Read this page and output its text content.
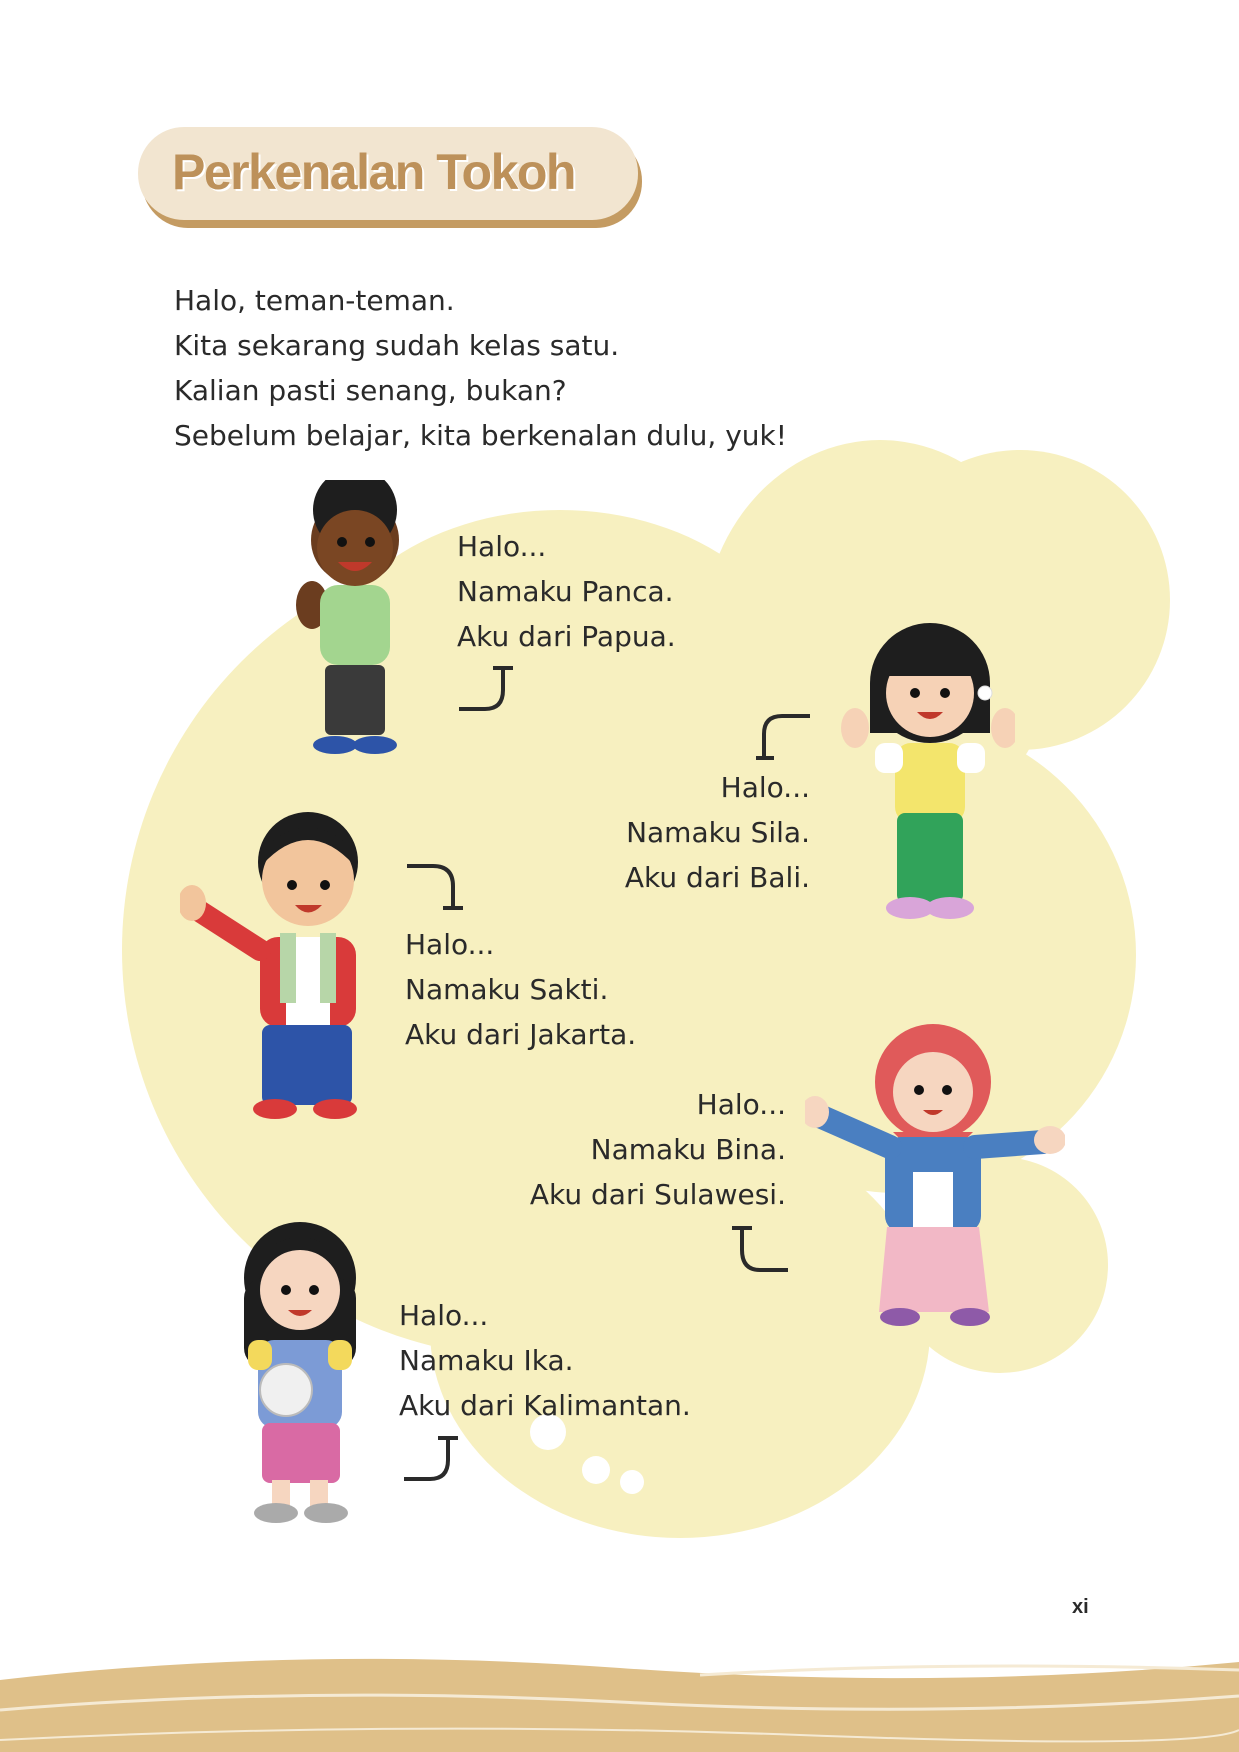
Perkenalan Tokoh
Halo, teman-teman.
Kita sekarang sudah kelas satu.
Kalian pasti senang, bukan?
Sebelum belajar, kita berkenalan dulu, yuk!
Halo...
Namaku Panca.
Aku dari Papua.
Halo...
Namaku Sila.
Aku dari Bali.
Halo...
Namaku Sakti.
Aku dari Jakarta.
Halo...
Namaku Bina.
Aku dari Sulawesi.
Halo...
Namaku Ika.
Aku dari Kalimantan.
xi
